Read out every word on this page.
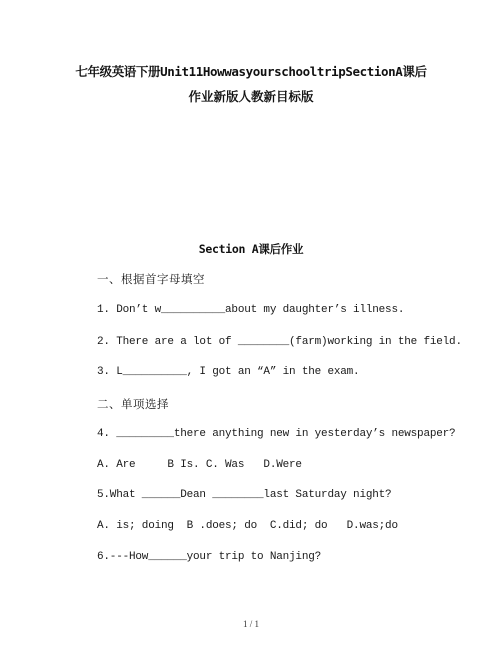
七年级英语下册Unit11HowwasyourschooltripSectionA课后
作业新版人教新目标版
Section A课后作业
一、根据首字母填空
1. Don’t w__________about my daughter’s illness.
2. There are a lot of ________(farm)working in the field.
3. L__________, I got an “A” in the exam.
二、单项选择
4. _________there anything new in yesterday’s newspaper?
A. Are     B Is. C. Was   D.Were
5.What ______Dean ________last Saturday night?
A. is; doing  B .does; do  C.did; do   D.was;do
6.---How______your trip to Nanjing?
1 / 1
